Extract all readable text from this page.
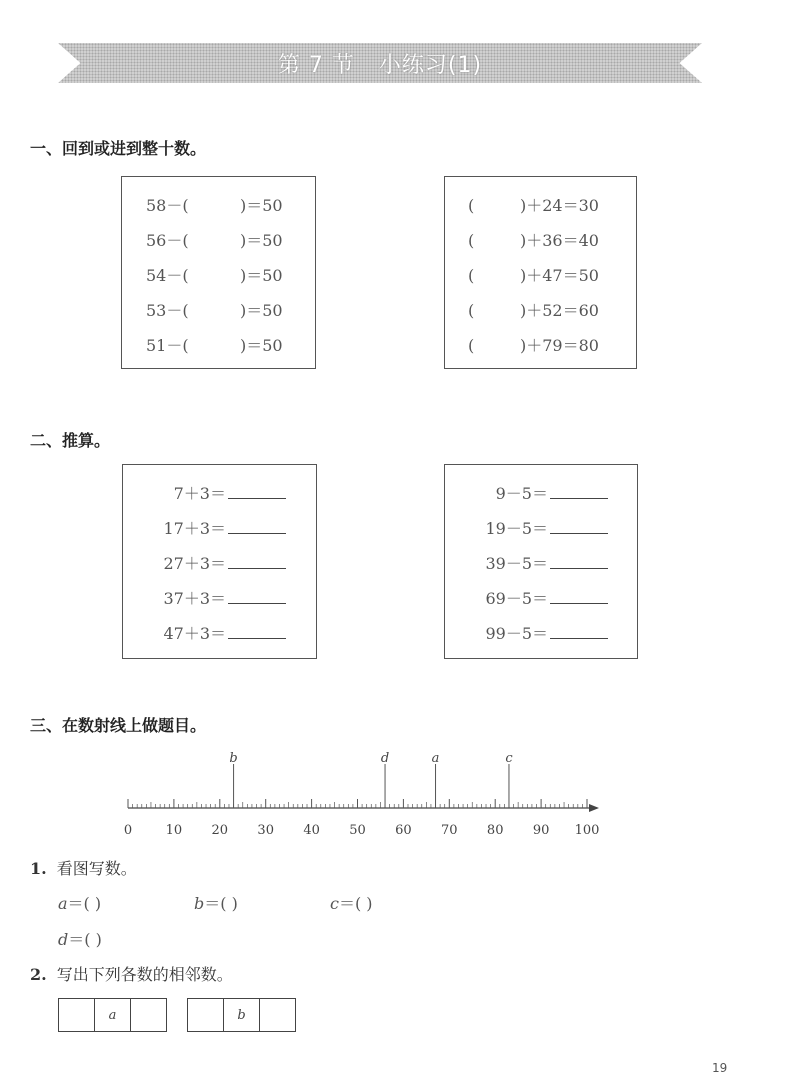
第 7 节
小练习(1)
一、回到或进到整十数。
58－(	)＝50
56－(	)＝50
54－(	)＝50
53－(	)＝50
51－(	)＝50
(	)＋24＝30
(	)＋36＝40
(	)＋47＝50
(	)＋52＝60
(	)＋79＝80
二、推算。
7＋3＝
17＋3＝
27＋3＝
37＋3＝
47＋3＝
9－5＝
19－5＝
39－5＝
69－5＝
99－5＝
三、在数射线上做题目。
0	10 20 30 40 50 60 70 80 90 100
b	d	a	c
1. 看图写数。
a＝( )	b＝( )	c＝( )
d＝( )
2. 写出下列各数的相邻数。
a	b
19
